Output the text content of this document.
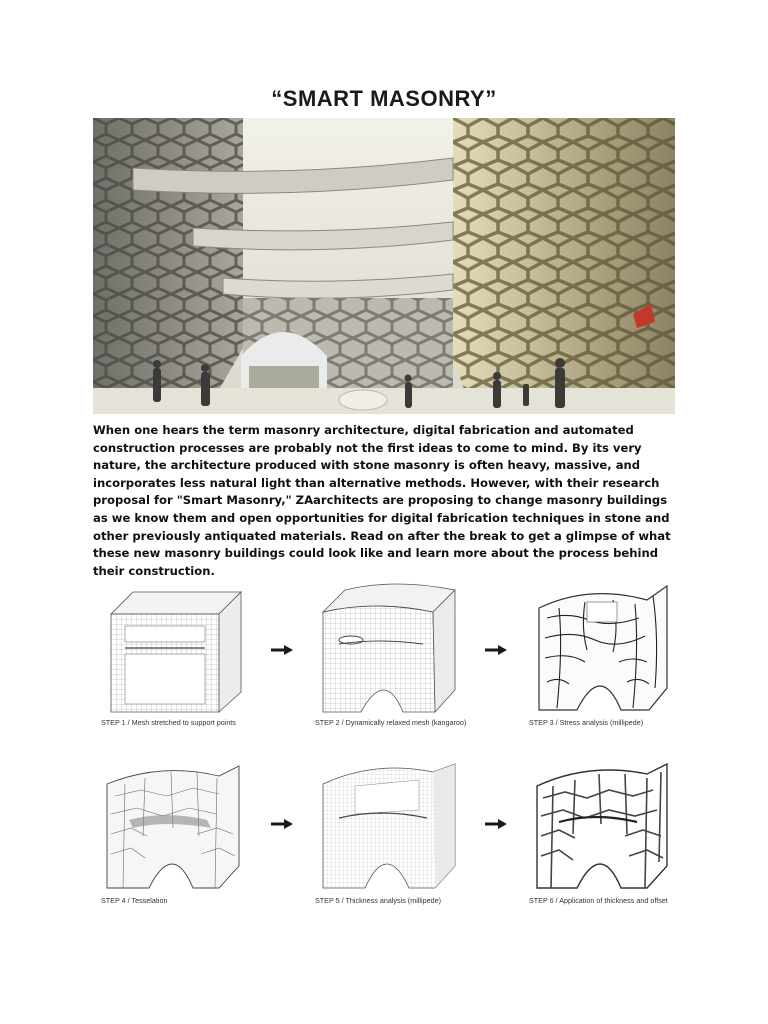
“SMART MASONRY”

When one hears the term masonry architecture, digital fabrication and automated construction processes are probably not the first ideas to come to mind. By its very nature, the architecture produced with stone masonry is often heavy, massive, and incorporates less natural light than alternative methods. However, with their research proposal for "Smart Masonry," ZAarchitects are proposing to change masonry buildings as we know them and open opportunities for digital fabrication techniques in stone and other previously antiquated materials. Read on after the break to get a glimpse of what these new masonry buildings could look like and learn more about the process behind their construction.

STEP 1 / Mesh stretched to support points	STEP 2 / Dynamically relaxed mesh (kangaroo)	STEP 3 / Stress analysis (millipede)
STEP 4 / Tesselation	STEP 5 / Thickness analysis (millipede)	STEP 6 / Application of thickness and offset
